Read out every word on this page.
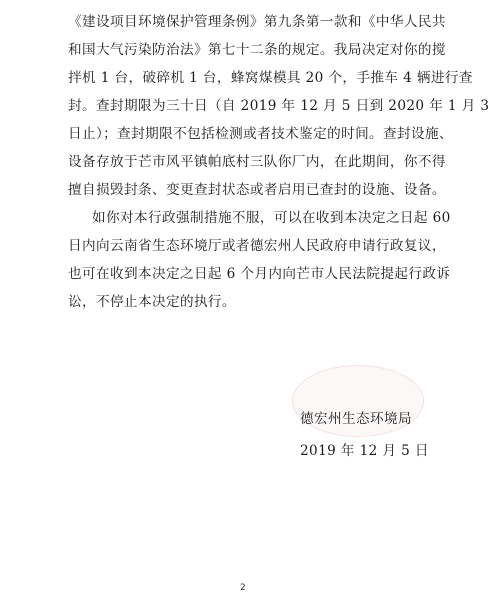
《建设项目环境保护管理条例》第九条第一款和《中华人民共
和国大气污染防治法》第七十二条的规定。我局决定对你的搅
拌机 1 台，破碎机 1 台，蜂窝煤模具 20 个，手推车 4 辆进行查
封。查封期限为三十日（自 2019 年 12 月 5 日到 2020 年 1 月 3
日止）；查封期限不包括检测或者技术鉴定的时间。查封设施、
设备存放于芒市风平镇帕底村三队你厂内，在此期间，你不得
擅自损毁封条、变更查封状态或者启用已查封的设施、设备。
如你对本行政强制措施不服，可以在收到本决定之日起 60
日内向云南省生态环境厅或者德宏州人民政府申请行政复议，
也可在收到本决定之日起 6 个月内向芒市人民法院提起行政诉
讼，不停止本决定的执行。
德宏州生态环境局
2019 年 12 月 5 日
2
